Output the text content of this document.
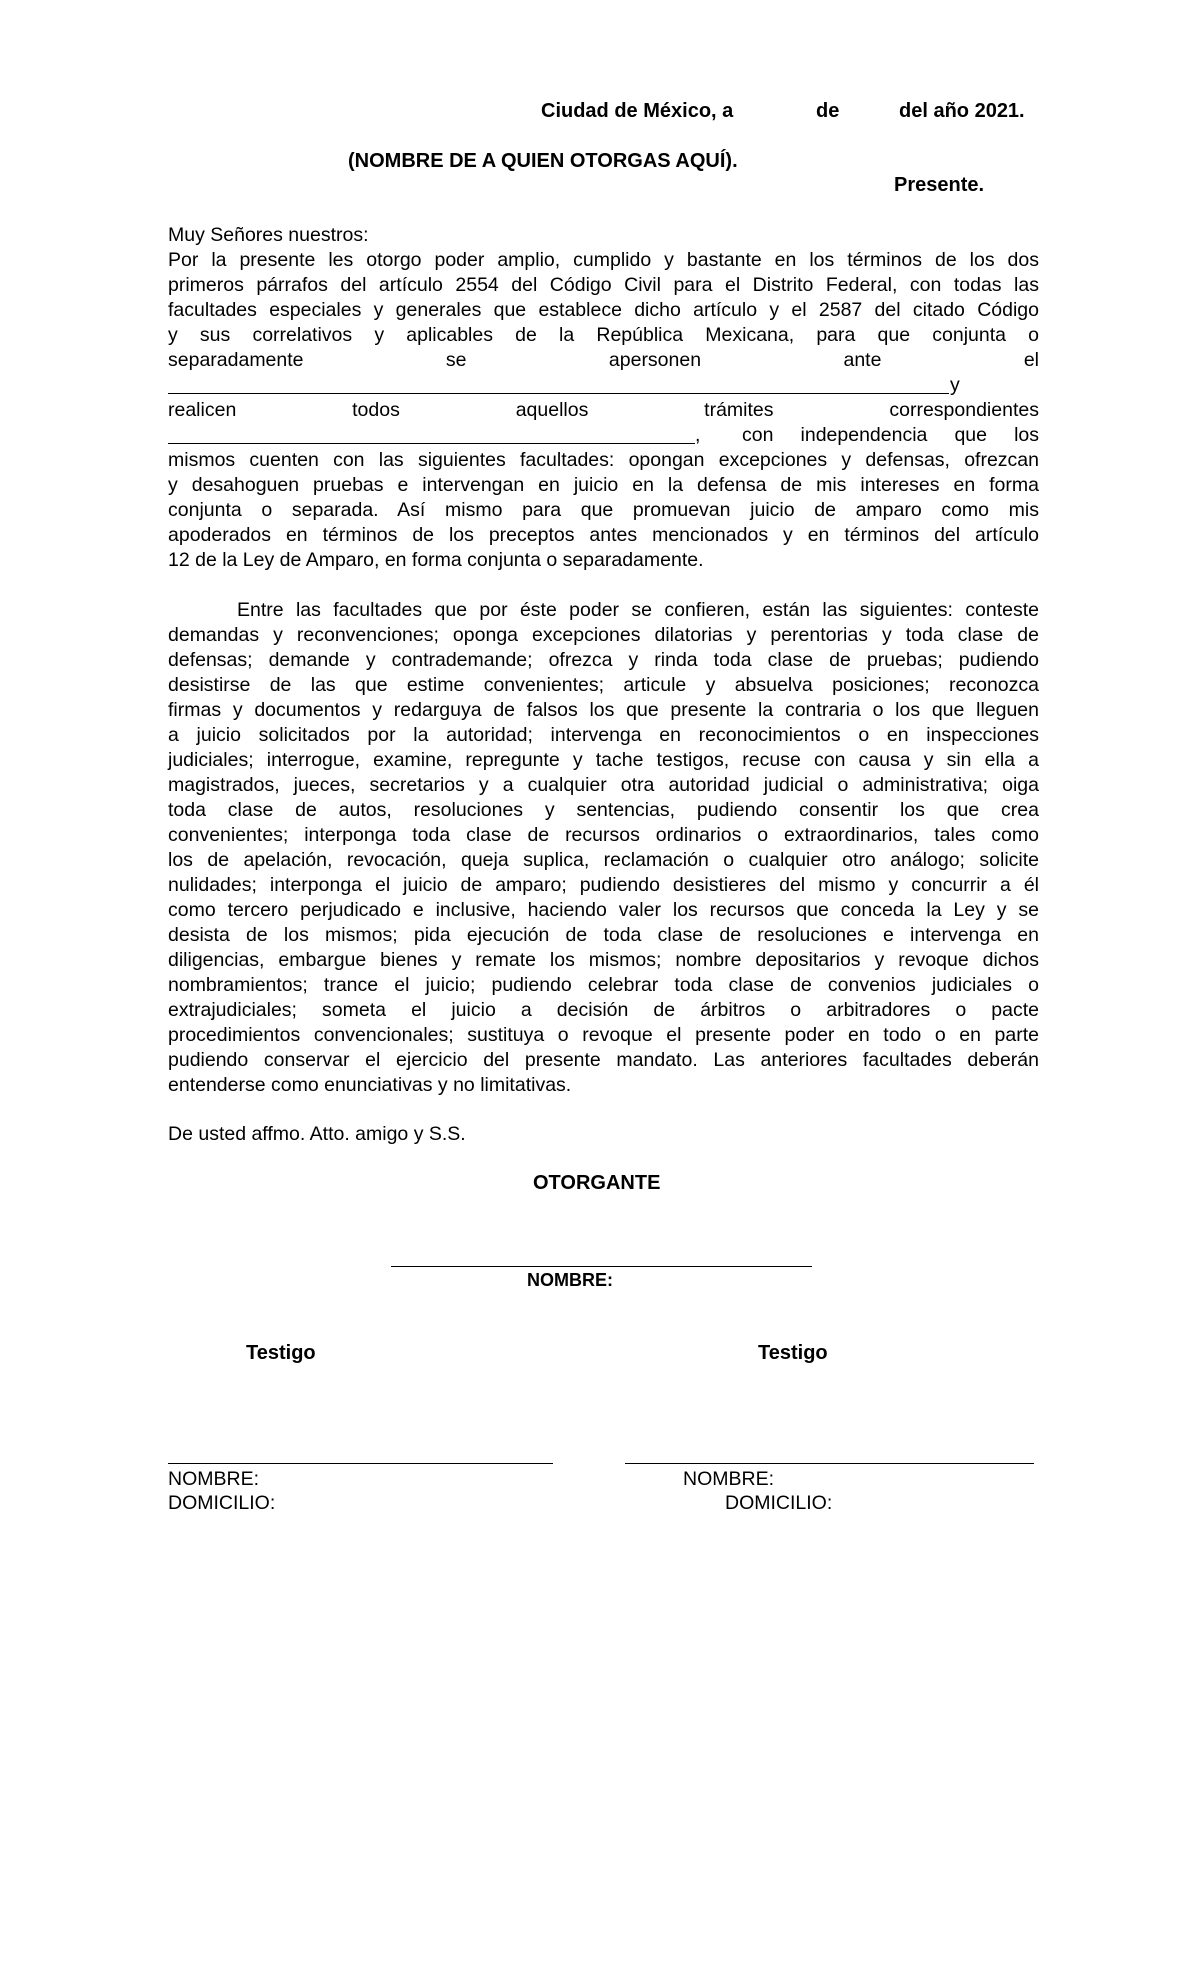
Ciudad de México, a	de	del año 2021.
(NOMBRE DE A QUIEN OTORGAS AQUÍ).
Presente.
Muy Señores nuestros:
Por la presente les otorgo poder amplio, cumplido y bastante en los términos de los dos
primeros párrafos del artículo 2554 del Código Civil para el Distrito Federal, con todas las
facultades especiales y generales que establece dicho artículo y el 2587 del citado Código
y sus correlativos y aplicables de la República Mexicana, para que conjunta o
separadamente	se	apersonen	ante	el
y
realicen	todos	aquellos	trámites	correspondientes
, con independencia que los
mismos cuenten con las siguientes facultades: opongan excepciones y defensas, ofrezcan
y desahoguen pruebas e intervengan en juicio en la defensa de mis intereses en forma
conjunta o separada. Así mismo para que promuevan juicio de amparo como mis
apoderados en términos de los preceptos antes mencionados y en términos del artículo
12 de la Ley de Amparo, en forma conjunta o separadamente.
Entre las facultades que por éste poder se confieren, están las siguientes: conteste
demandas y reconvenciones; oponga excepciones dilatorias y perentorias y toda clase de
defensas; demande y contrademande; ofrezca y rinda toda clase de pruebas; pudiendo
desistirse de las que estime convenientes; articule y absuelva posiciones; reconozca
firmas y documentos y redarguya de falsos los que presente la contraria o los que lleguen
a juicio solicitados por la autoridad; intervenga en reconocimientos o en inspecciones
judiciales; interrogue, examine, repregunte y tache testigos, recuse con causa y sin ella a
magistrados, jueces, secretarios y a cualquier otra autoridad judicial o administrativa; oiga
toda clase de autos, resoluciones y sentencias, pudiendo consentir los que crea
convenientes; interponga toda clase de recursos ordinarios o extraordinarios, tales como
los de apelación, revocación, queja suplica, reclamación o cualquier otro análogo; solicite
nulidades; interponga el juicio de amparo; pudiendo desistieres del mismo y concurrir a él
como tercero perjudicado e inclusive, haciendo valer los recursos que conceda la Ley y se
desista de los mismos; pida ejecución de toda clase de resoluciones e intervenga en
diligencias, embargue bienes y remate los mismos; nombre depositarios y revoque dichos
nombramientos; trance el juicio; pudiendo celebrar toda clase de convenios judiciales o
extrajudiciales; someta el juicio a decisión de árbitros o arbitradores o pacte
procedimientos convencionales; sustituya o revoque el presente poder en todo o en parte
pudiendo conservar el ejercicio del presente mandato. Las anteriores facultades deberán
entenderse como enunciativas y no limitativas.
De usted affmo. Atto. amigo y S.S.
OTORGANTE
NOMBRE:
Testigo	Testigo
NOMBRE:
DOMICILIO:
NOMBRE:
DOMICILIO:
